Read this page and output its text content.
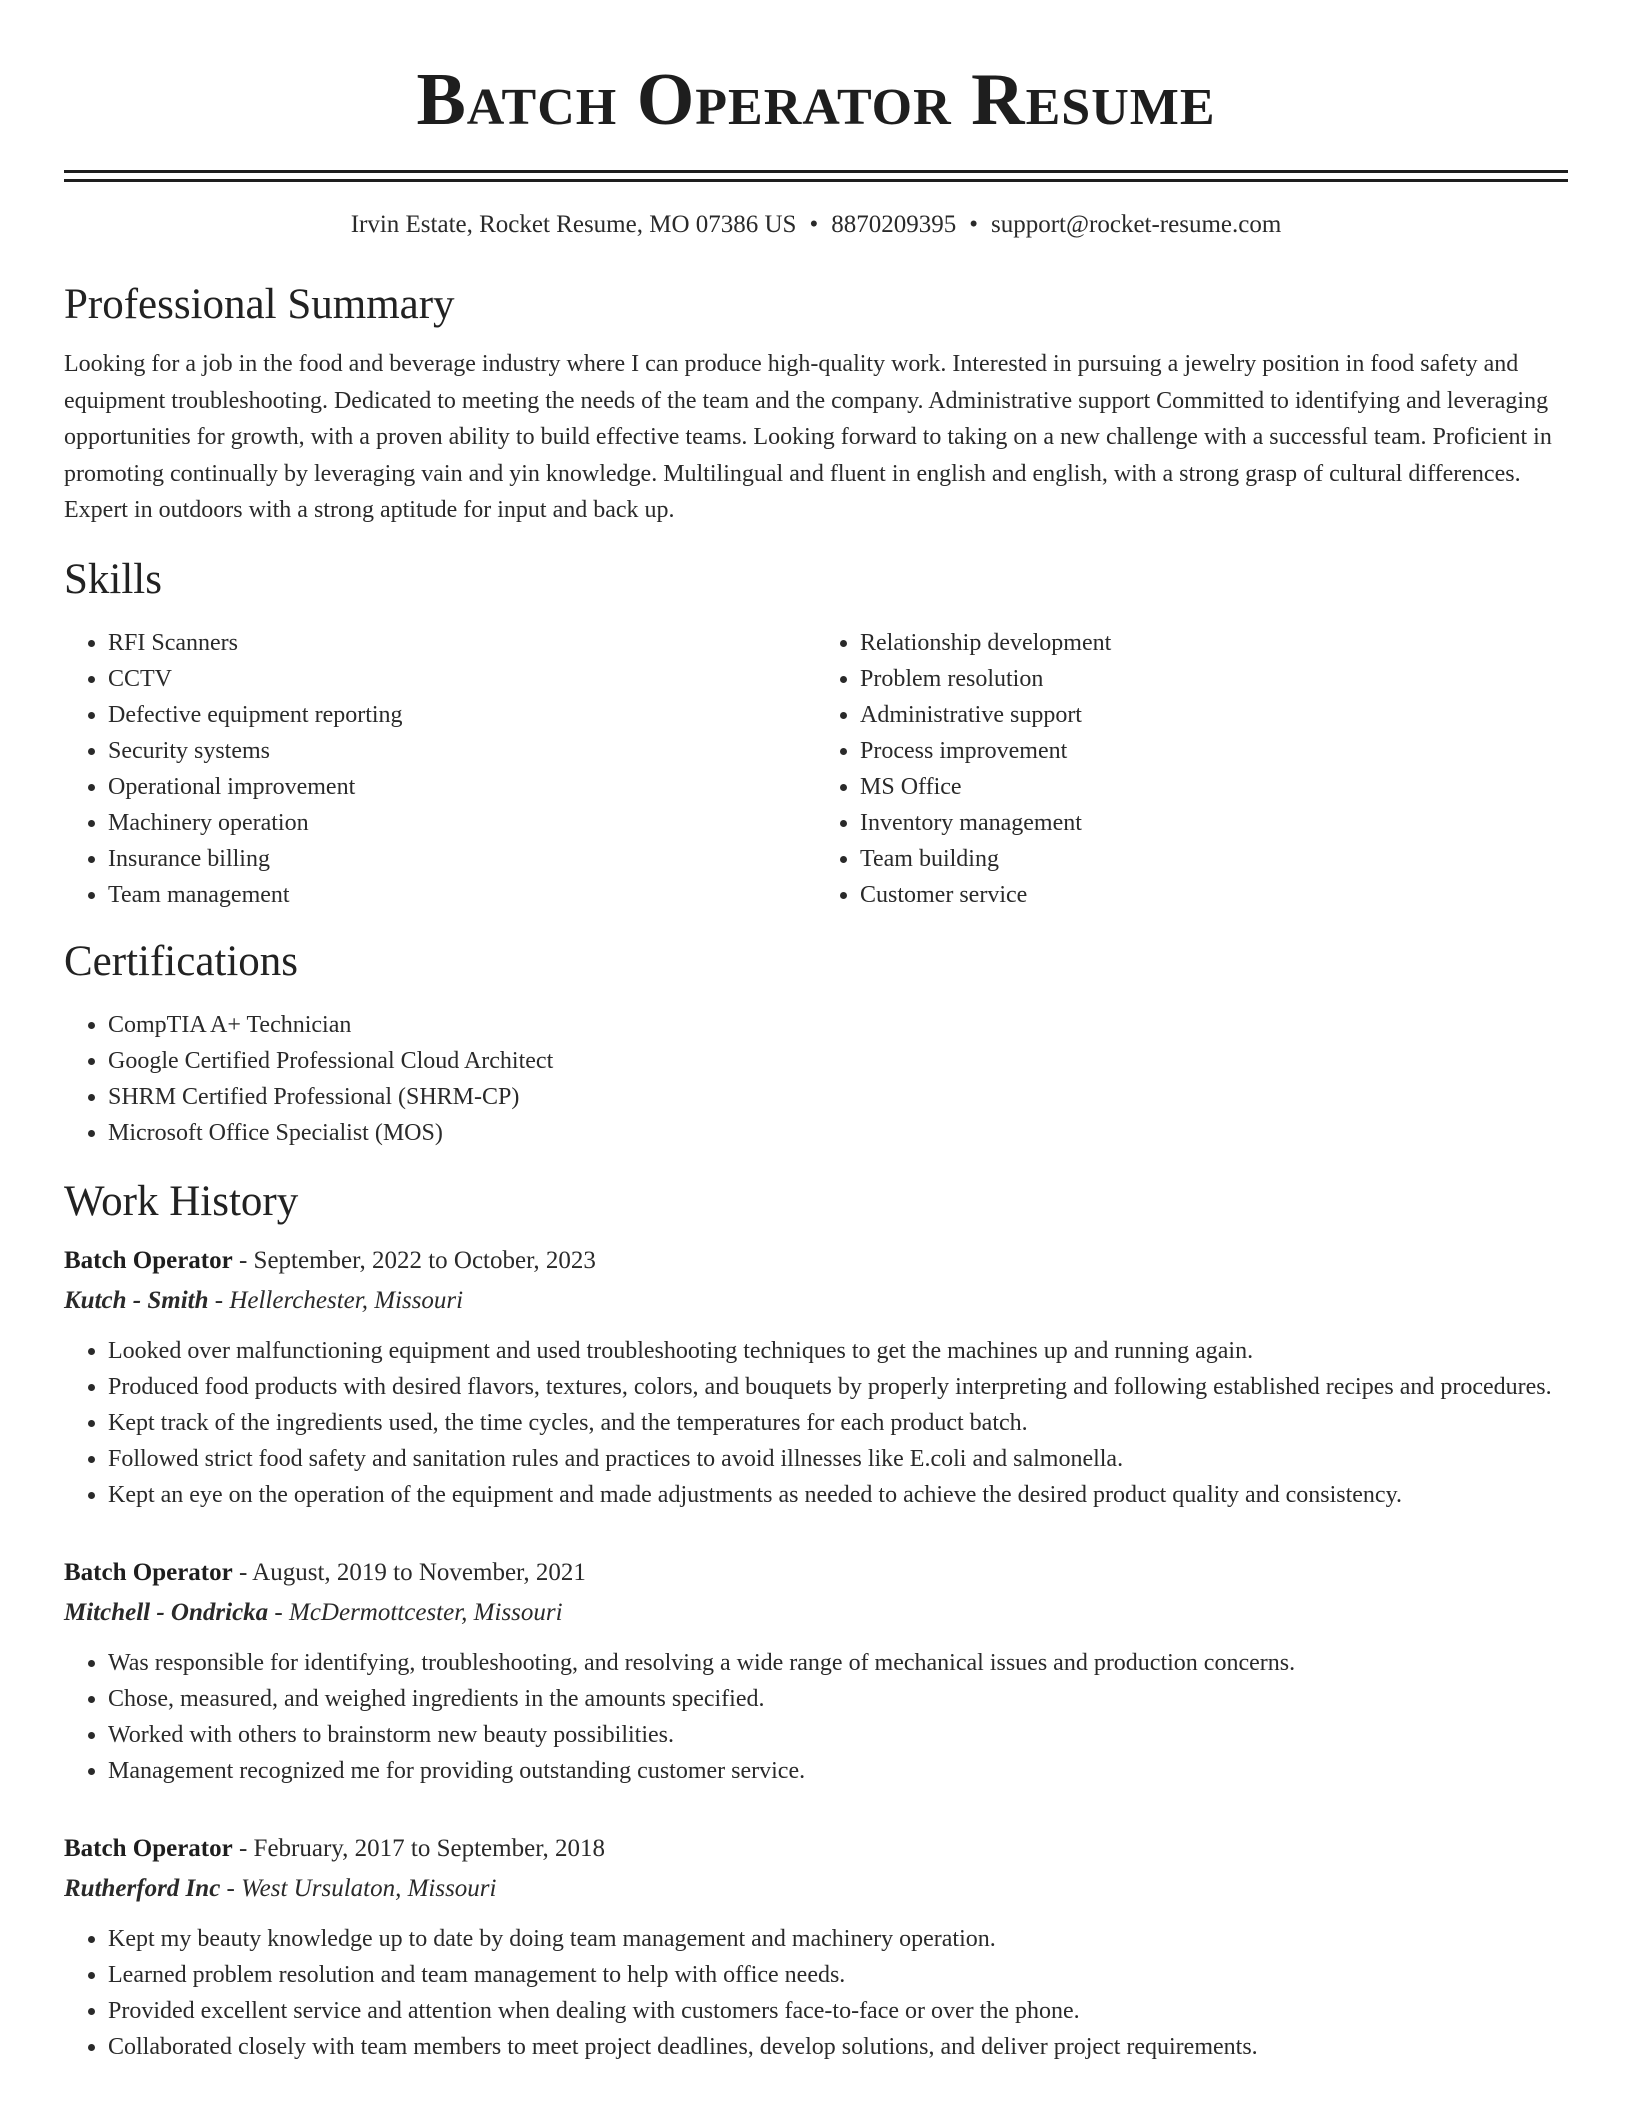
Batch Operator Resume
Irvin Estate, Rocket Resume, MO 07386 US • 8870209395 • support@rocket-resume.com
Professional Summary

Looking for a job in the food and beverage industry where I can produce high-quality work. Interested in pursuing a jewelry position in food safety and equipment troubleshooting. Dedicated to meeting the needs of the team and the company. Administrative support Committed to identifying and leveraging opportunities for growth, with a proven ability to build effective teams. Looking forward to taking on a new challenge with a successful team. Proficient in promoting continually by leveraging vain and yin knowledge. Multilingual and fluent in english and english, with a strong grasp of cultural differences. Expert in outdoors with a strong aptitude for input and back up.

Skills
• RFI Scanners
• CCTV
• Defective equipment reporting
• Security systems
• Operational improvement
• Machinery operation
• Insurance billing
• Team management
• Relationship development
• Problem resolution
• Administrative support
• Process improvement
• MS Office
• Inventory management
• Team building
• Customer service
Certifications
• CompTIA A+ Technician
• Google Certified Professional Cloud Architect
• SHRM Certified Professional (SHRM-CP)
• Microsoft Office Specialist (MOS)
Work History
Batch Operator - September, 2022 to October, 2023
Kutch - Smith - Hellerchester, Missouri
• Looked over malfunctioning equipment and used troubleshooting techniques to get the machines up and running again.
• Produced food products with desired flavors, textures, colors, and bouquets by properly interpreting and following established recipes and procedures.
• Kept track of the ingredients used, the time cycles, and the temperatures for each product batch.
• Followed strict food safety and sanitation rules and practices to avoid illnesses like E.coli and salmonella.
• Kept an eye on the operation of the equipment and made adjustments as needed to achieve the desired product quality and consistency.
Batch Operator - August, 2019 to November, 2021
Mitchell - Ondricka - McDermottcester, Missouri
• Was responsible for identifying, troubleshooting, and resolving a wide range of mechanical issues and production concerns.
• Chose, measured, and weighed ingredients in the amounts specified.
• Worked with others to brainstorm new beauty possibilities.
• Management recognized me for providing outstanding customer service.
Batch Operator - February, 2017 to September, 2018
Rutherford Inc - West Ursulaton, Missouri
• Kept my beauty knowledge up to date by doing team management and machinery operation.
• Learned problem resolution and team management to help with office needs.
• Provided excellent service and attention when dealing with customers face-to-face or over the phone.
• Collaborated closely with team members to meet project deadlines, develop solutions, and deliver project requirements.
